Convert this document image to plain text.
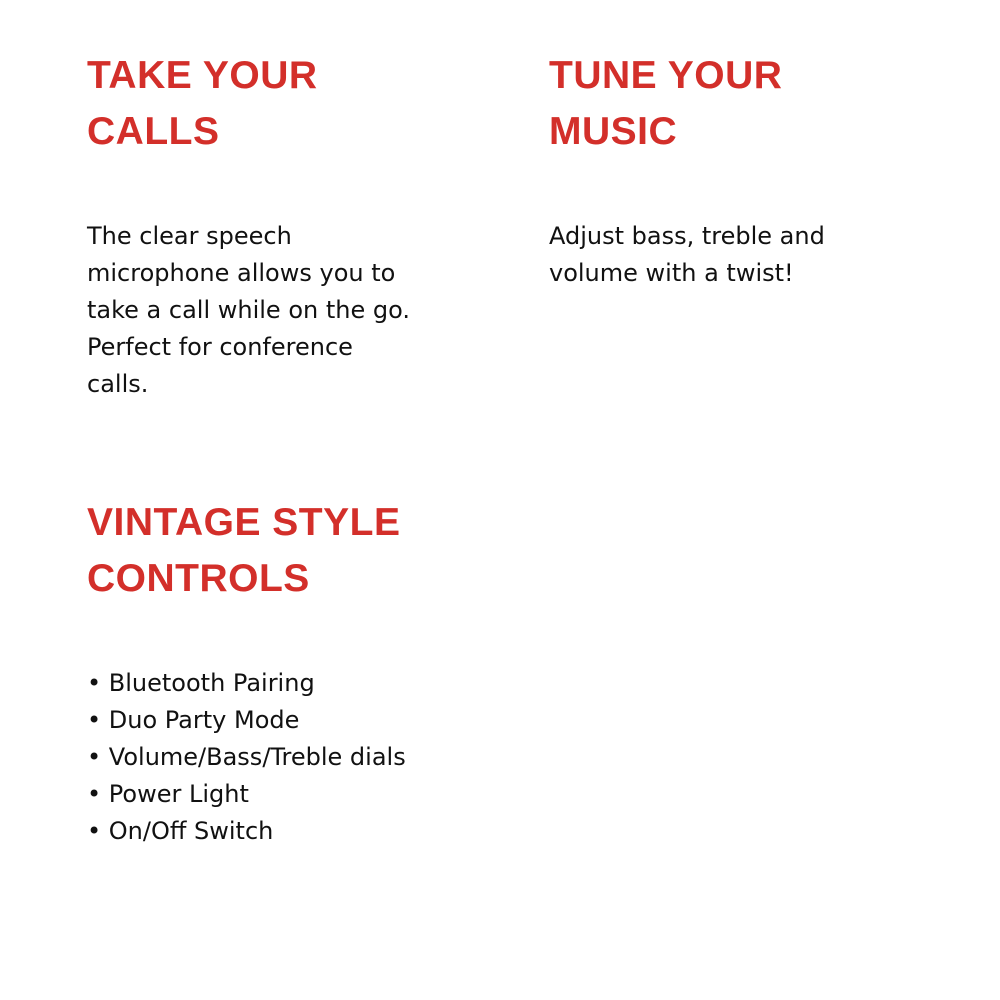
TAKE YOUR
CALLS

The clear speech
microphone allows you to
take a call while on the go.
Perfect for conference
calls.

TUNE YOUR
MUSIC

Adjust bass, treble and
volume with a twist!

VINTAGE STYLE
CONTROLS
• Bluetooth Pairing
• Duo Party Mode
• Volume/Bass/Treble dials
• Power Light
• On/Off Switch
